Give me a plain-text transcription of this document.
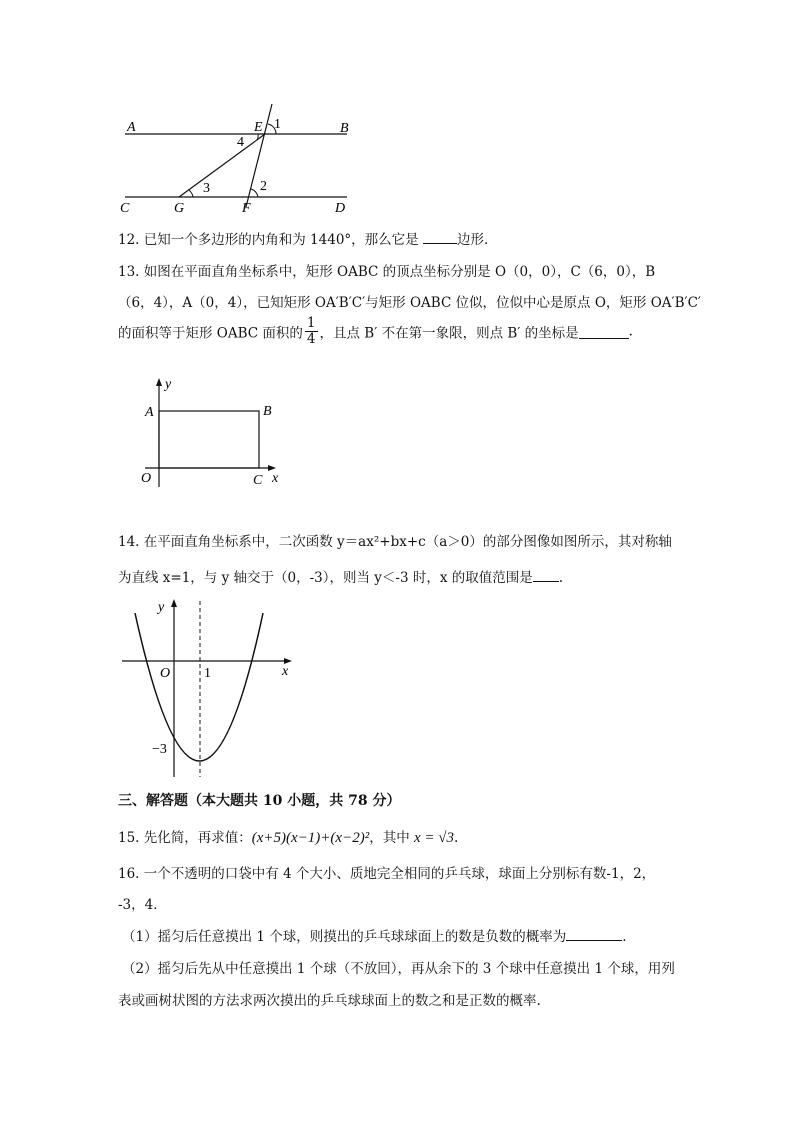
A	B
C	D
E
F
G
1
4
3	2
12. 已知一个多边形的内角和为 1440°，那么它是	边形.
13. 如图在平面直角坐标系中，矩形 OABC 的顶点坐标分别是 O（0，0），C（6，0），B
（6，4），A（0，4），已知矩形 OA′B′C′与矩形 OABC 位似，位似中心是原点 O，矩形 OA′B′C′
的面积等于矩形 OABC 面积的 $\frac{1}{4}$ ，且点 B′ 不在第一象限，则点 B′ 的坐标是	.
y
x
A	B
O	C
14. 在平面直角坐标系中，二次函数 y＝ax²+bx+c（a＞0）的部分图像如图所示，其对称轴
为直线 x=1，与 y 轴交于（0，-3），则当 y＜-3 时，x 的取值范围是 .
y
x
O 1
−3
三、解答题（本大题共 10 小题，共 78 分）
15. 先化简，再求值：(x+5)(x−1)+(x−2)²，其中 x = √3.
16. 一个不透明的口袋中有 4 个大小、质地完全相同的乒乓球，球面上分别标有数-1，2，
-3，4．
（1）摇匀后任意摸出 1 个球，则摸出的乒乓球球面上的数是负数的概率为	.
（2）摇匀后先从中任意摸出 1 个球（不放回），再从余下的 3 个球中任意摸出 1 个球，用列
表或画树状图的方法求两次摸出的乒乓球球面上的数之和是正数的概率.
